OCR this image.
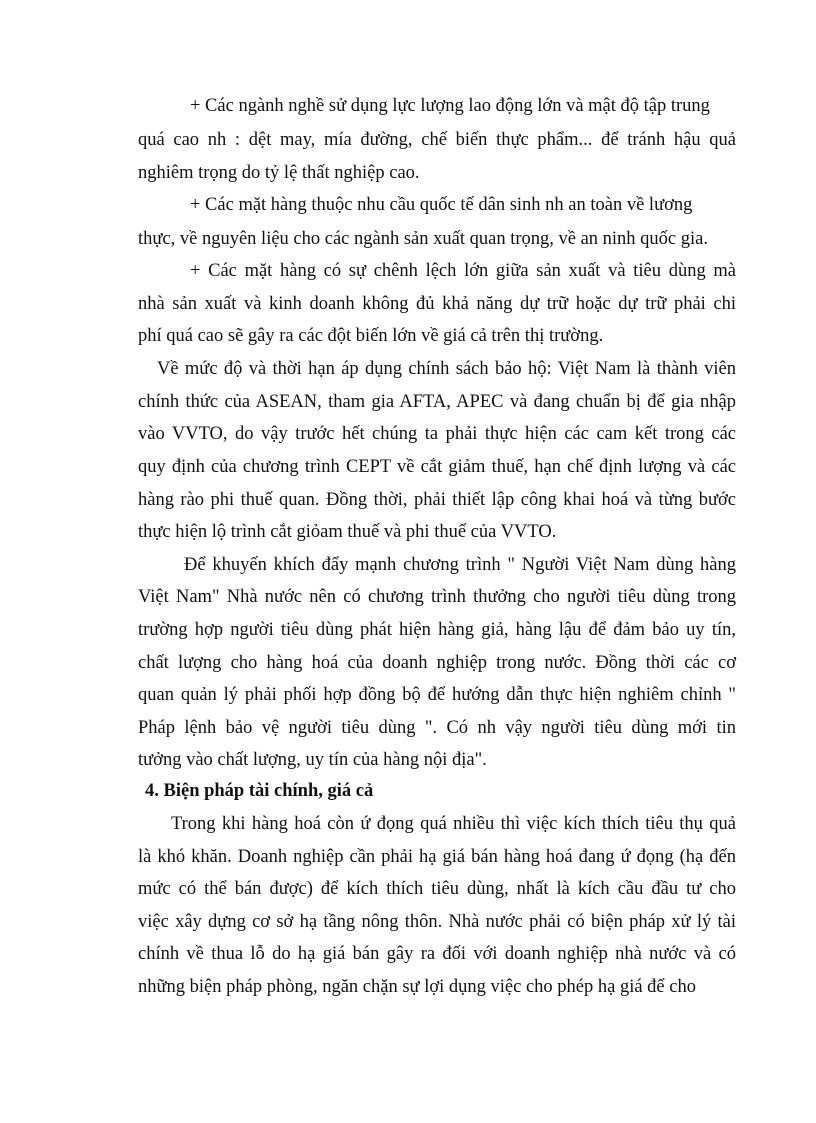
+ Các ngành nghề sử dụng lực lượng lao động lớn và mật độ tập trung
quá cao nh : dệt may, mía đường, chế biến thực phẩm... để tránh hậu quả
nghiêm trọng do tỷ lệ thất nghiệp cao.
+ Các mặt hàng thuộc nhu cầu quốc tế dân sinh nh an toàn về lương
thực, về nguyên liệu cho các ngành sản xuất quan trọng, về an ninh quốc gia.
+ Các mặt hàng có sự chênh lệch lớn giữa sản xuất và tiêu dùng mà
nhà sản xuất và kinh doanh không đủ khả năng dự trữ hoặc dự trữ phải chi
phí quá cao sẽ gây ra các đột biến lớn về giá cả trên thị trường.
Về mức độ và thời hạn áp dụng chính sách bảo hộ: Việt Nam là thành viên
chính thức của ASEAN, tham gia AFTA, APEC và đang chuẩn bị để gia nhập
vào VVTO, do vậy trước hết chúng ta phải thực hiện các cam kết trong các
quy định của chương trình CEPT về cắt giảm thuế, hạn chế định lượng và các
hàng rào phi thuế quan. Đồng thời, phải thiết lập công khai hoá và từng bước
thực hiện lộ trình cắt giỏam thuế và phi thuế của VVTO.
Để khuyến khích đẩy mạnh chương trình " Người Việt Nam dùng hàng
Việt Nam" Nhà nước nên có chương trình thưởng cho người tiêu dùng trong
trường hợp người tiêu dùng phát hiện hàng giả, hàng lậu để đảm bảo uy tín,
chất lượng cho hàng hoá của doanh nghiệp trong nước. Đồng thời các cơ
quan quản lý phải phối hợp đồng bộ để hướng dẫn thực hiện nghiêm chỉnh "
Pháp lệnh bảo vệ người tiêu dùng ". Có nh vậy người tiêu dùng mới tin
tưởng vào chất lượng, uy tín của hàng nội địa".
4. Biện pháp tài chính, giá cả
Trong khi hàng hoá còn ứ đọng quá nhiều thì việc kích thích tiêu thụ quả
là khó khăn. Doanh nghiệp cần phải hạ giá bán hàng hoá đang ứ đọng (hạ đến
mức có thể bán được) để kích thích tiêu dùng, nhất là kích cầu đầu tư cho
việc xây dựng cơ sở hạ tầng nông thôn. Nhà nước phải có biện pháp xử lý tài
chính về thua lỗ do hạ giá bán gây ra đối với doanh nghiệp nhà nước và có
những biện pháp phòng, ngăn chặn sự lợi dụng việc cho phép hạ giá để cho
